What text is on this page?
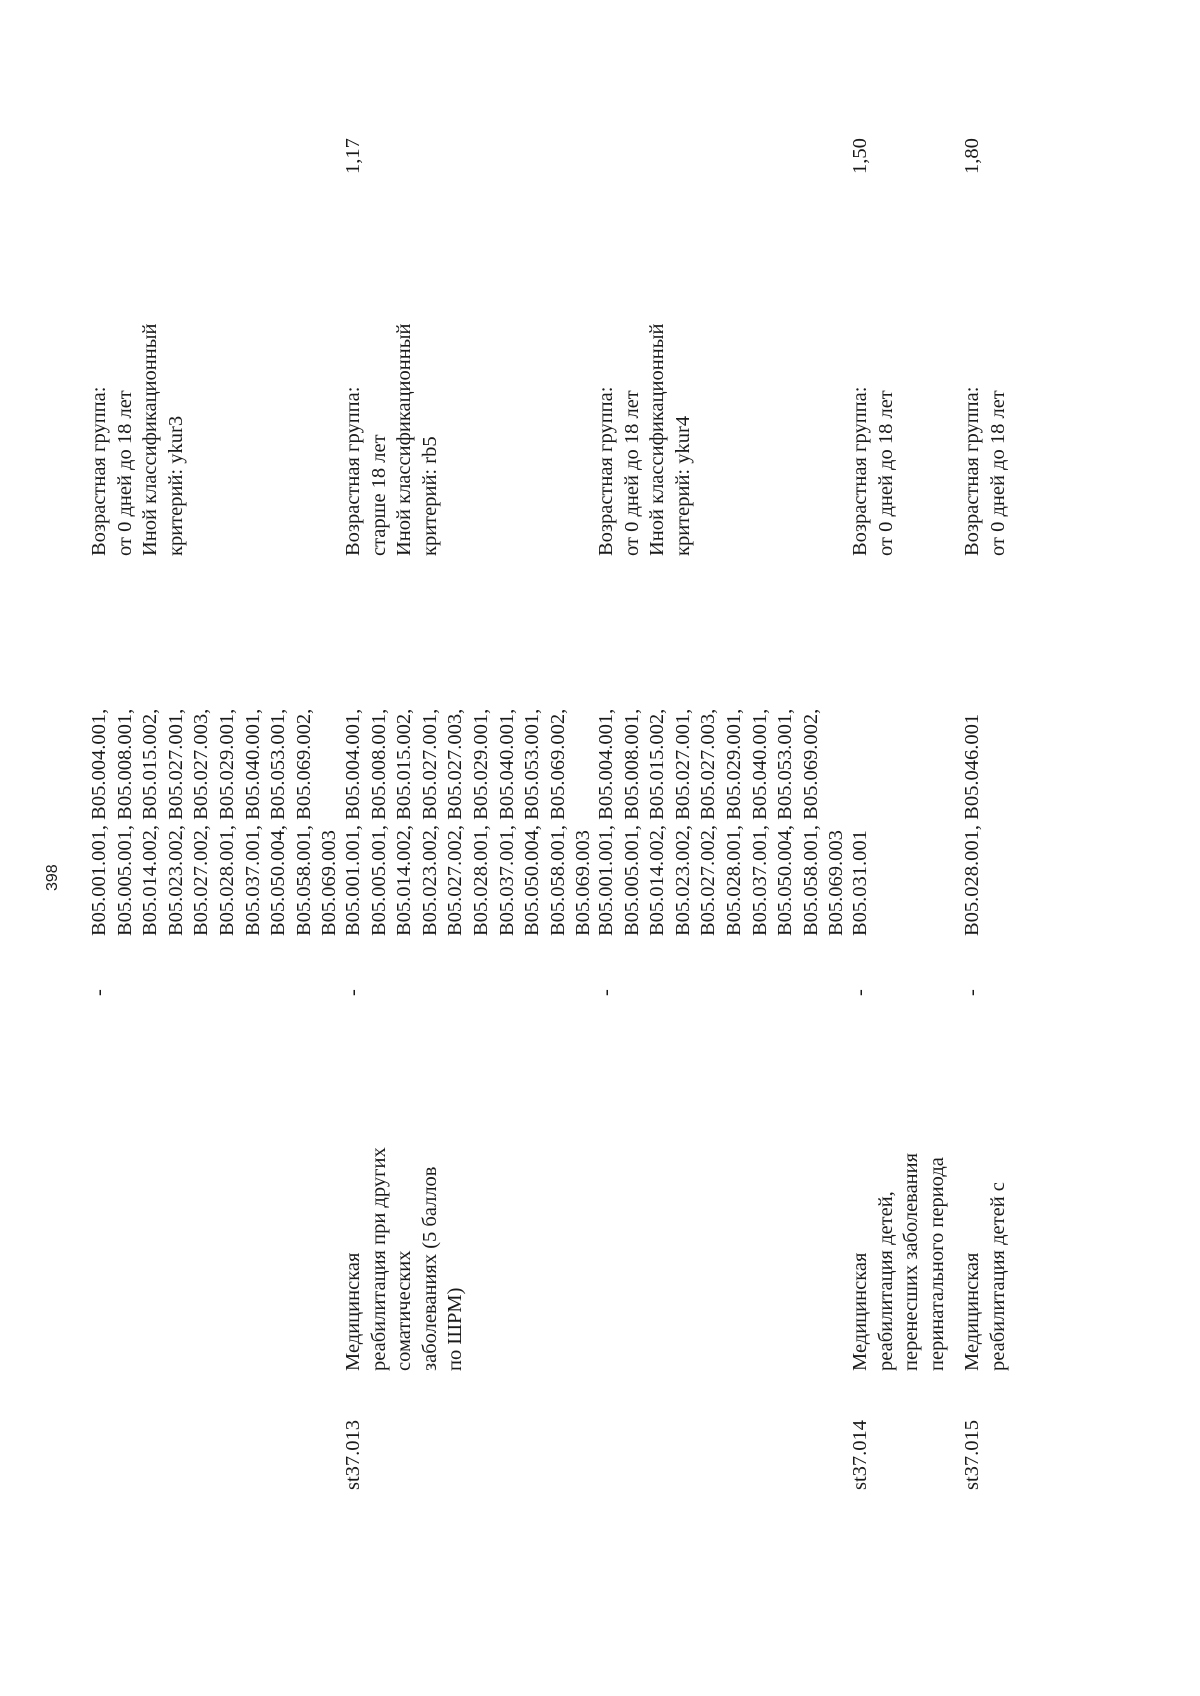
398
-
B05.001.001, B05.004.001,
B05.005.001, B05.008.001,
B05.014.002, B05.015.002,
B05.023.002, B05.027.001,
B05.027.002, B05.027.003,
B05.028.001, B05.029.001,
B05.037.001, B05.040.001,
B05.050.004, B05.053.001,
B05.058.001, B05.069.002,
B05.069.003
Возрастная группа:
от 0 дней до 18 лет
Иной классификационный
критерий: ykur3
st37.013
Медицинская
реабилитация при других
соматических
заболеваниях (5 баллов
по ШРМ)
-
B05.001.001, B05.004.001,
B05.005.001, B05.008.001,
B05.014.002, B05.015.002,
B05.023.002, B05.027.001,
B05.027.002, B05.027.003,
B05.028.001, B05.029.001,
B05.037.001, B05.040.001,
B05.050.004, B05.053.001,
B05.058.001, B05.069.002,
B05.069.003
Возрастная группа:
старше 18 лет
Иной классификационный
критерий: rb5
1,17
-
B05.001.001, B05.004.001,
B05.005.001, B05.008.001,
B05.014.002, B05.015.002,
B05.023.002, B05.027.001,
B05.027.002, B05.027.003,
B05.028.001, B05.029.001,
B05.037.001, B05.040.001,
B05.050.004, B05.053.001,
B05.058.001, B05.069.002,
B05.069.003
Возрастная группа:
от 0 дней до 18 лет
Иной классификационный
критерий: ykur4
st37.014
Медицинская
реабилитация детей,
перенесших заболевания
перинатального периода
-
B05.031.001
Возрастная группа:
от 0 дней до 18 лет
1,50
st37.015
Медицинская
реабилитация детей с
-
B05.028.001, B05.046.001
Возрастная группа:
от 0 дней до 18 лет
1,80
